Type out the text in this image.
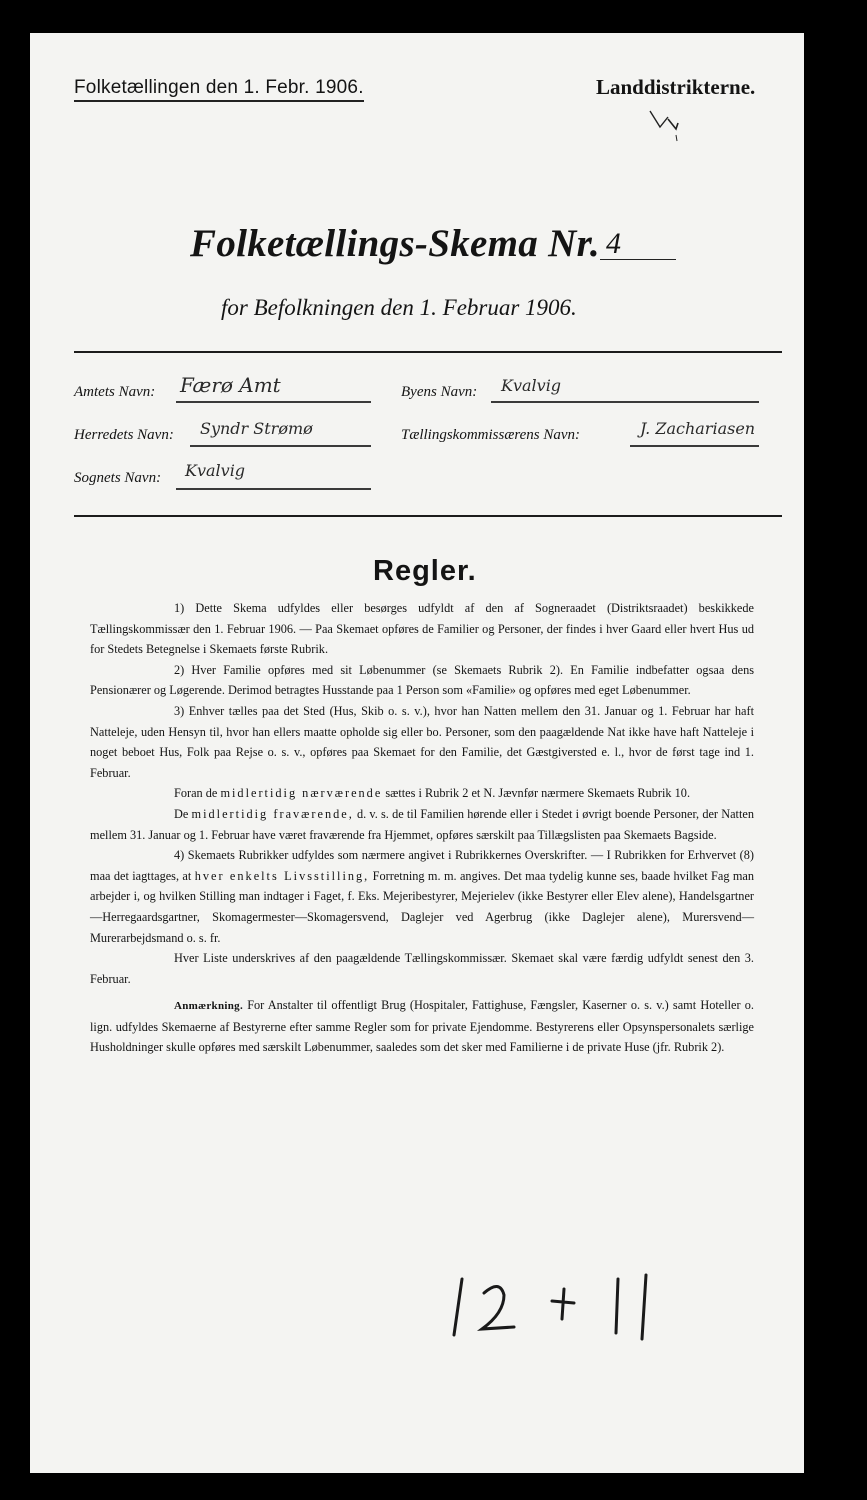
Folketællingen den 1. Febr. 1906.	Landdistrikterne.
Folketællings-Skema Nr. 4
for Befolkningen den 1. Februar 1906.
Amtets Navn: Færø Amt	Byens Navn: Kvalvig
Herredets Navn: Syndr Strømø	Tællingskommissærens Navn:	J. Zachariasen
Sognets Navn: Kvalvig
Regler.

1) Dette Skema udfyldes eller besørges udfyldt af den af Sogneraadet (Distriktsraadet) beskikkede Tællingskommissær den 1. Februar 1906. — Paa Skemaet opføres de Familier og Personer, der findes i hver Gaard eller hvert Hus ud for Stedets Betegnelse i Skemaets første Rubrik.

2) Hver Familie opføres med sit Løbenummer (se Skemaets Rubrik 2). En Familie indbefatter ogsaa dens Pensionærer og Løgerende. Derimod betragtes Husstande paa 1 Person som «Familie» og opføres med eget Løbenummer.

3) Enhver tælles paa det Sted (Hus, Skib o. s. v.), hvor han Natten mellem den 31. Januar og 1. Februar har haft Natteleje, uden Hensyn til, hvor han ellers maatte opholde sig eller bo. Personer, som den paagældende Nat ikke have haft Natteleje i noget beboet Hus, Folk paa Rejse o. s. v., opføres paa Skemaet for den Familie, det Gæstgiversted e. l., hvor de først tage ind 1. Februar.

Foran de midlertidig nærværende sættes i Rubrik 2 et N. Jævnfør nærmere Skemaets Rubrik 10.

De midlertidig fraværende, d. v. s. de til Familien hørende eller i Stedet i øvrigt boende Personer, der Natten mellem 31. Januar og 1. Februar have været fraværende fra Hjemmet, opføres særskilt paa Tillægslisten paa Skemaets Bagside.

4) Skemaets Rubrikker udfyldes som nærmere angivet i Rubrikkernes Overskrifter. — I Rubrikken for Erhvervet (8) maa det iagttages, at hver enkelts Livsstilling, Forretning m. m. angives. Det maa tydelig kunne ses, baade hvilket Fag man arbejder i, og hvilken Stilling man indtager i Faget, f. Eks. Mejeribestyrer, Mejerielev (ikke Bestyrer eller Elev alene), Handelsgartner—Herregaardsgartner, Skomagermester—Skomagersvend, Daglejer ved Agerbrug (ikke Daglejer alene), Murersvend—Murerarbejdsmand o. s. fr.

Hver Liste underskrives af den paagældende Tællingskommissær. Skemaet skal være færdig udfyldt senest den 3. Februar.

Anmærkning. For Anstalter til offentligt Brug (Hospitaler, Fattighuse, Fængsler, Kaserner o. s. v.) samt Hoteller o. lign. udfyldes Skemaerne af Bestyrerne efter samme Regler som for private Ejendomme. Bestyrerens eller Opsynspersonalets særlige Husholdninger skulle opføres med særskilt Løbenummer, saaledes som det sker med Familierne i de private Huse (jfr. Rubrik 2).
